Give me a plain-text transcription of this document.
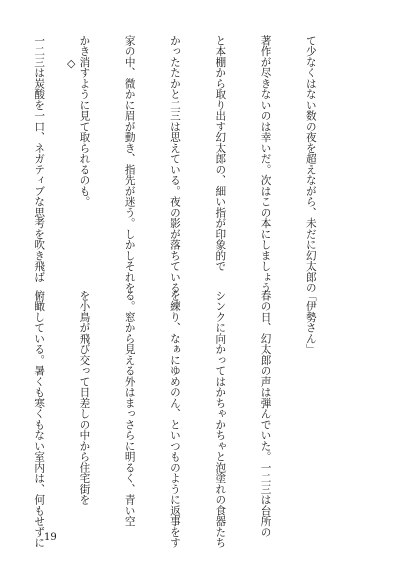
て少なくはない数の夜を超えながら、未だに幻太郎の

著作が尽きないのは幸いだ。次はこの本にしましょう

と本棚から取り出す幻太郎の、細い指が印象的で

かったたかと二三は思えている。夜の影が落ちている

家の中、微かに眉が動き、指先が迷う。しかしそれを

かき消すように見て取られるのも。

一二三は炭酸を一口、ネガティブな思考を吹き飛ば

◇

「伊勢さん」

春の日、幻太郎の声は弾んでいた。一二三は台所の

シンクに向かってはかちゃかちゃと泡塗れの食器たち

を練り、なぁにゆめのん、といつものように返事をす

る。窓から見える外はまっさらに明るく、青い空

を小鳥が飛び交って日差しの中から住宅街を

俯瞰している。暑くも寒くもない室内は、何もせずに

19
